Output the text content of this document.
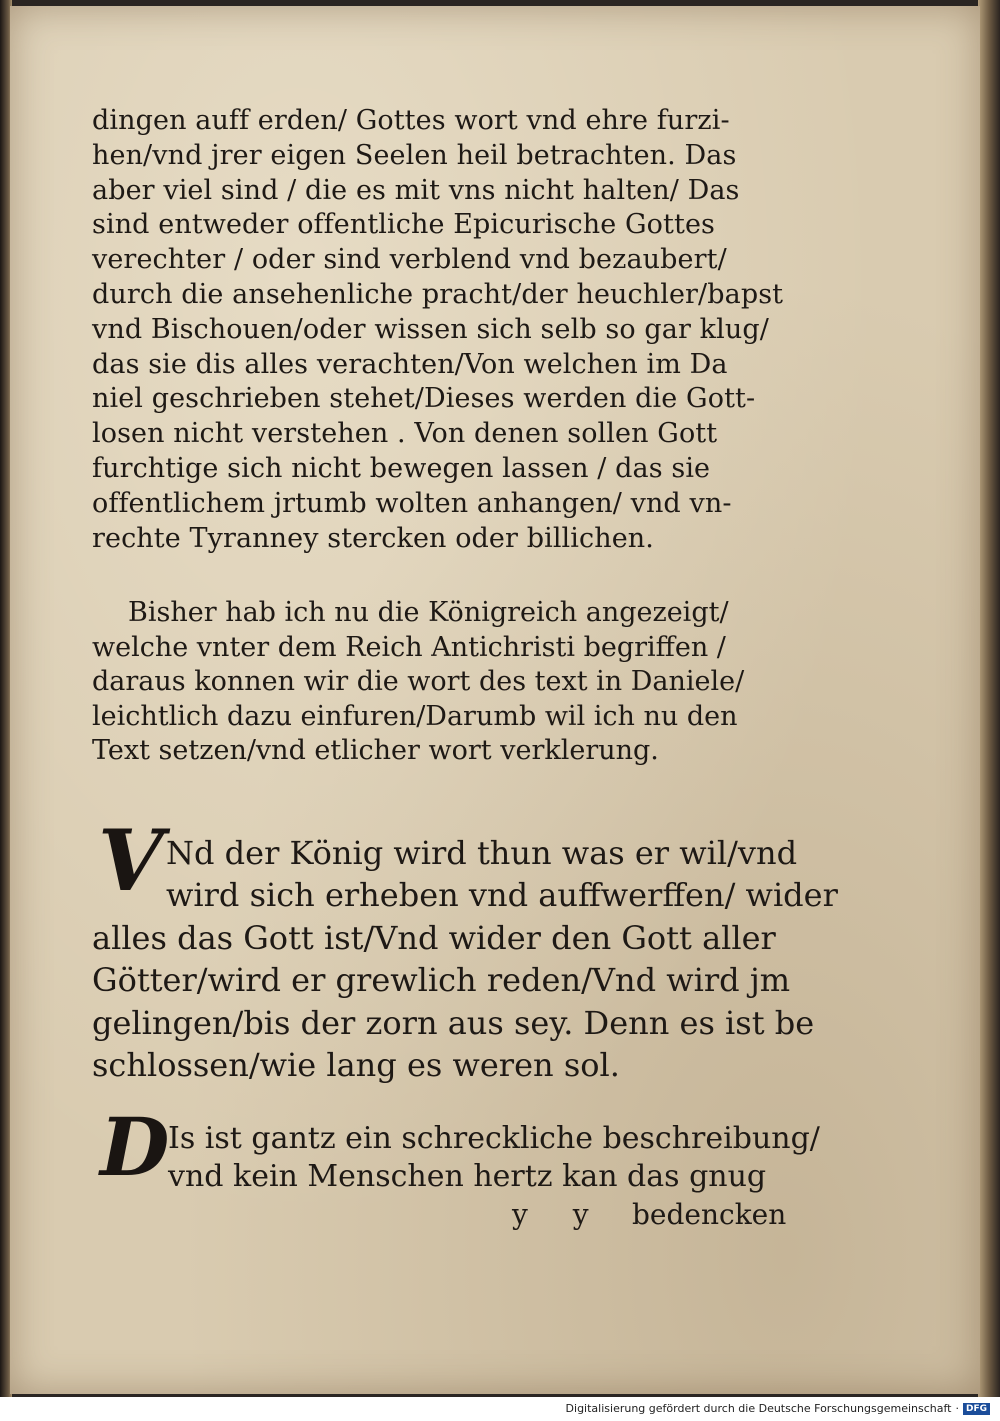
dingen auff erden/ Gottes wort vnd ehre furzi-
hen/vnd jrer eigen Seelen heil betrachten. Das
aber viel sind / die es mit vns nicht halten/ Das
sind entweder offentliche Epicurische Gottes
verechter / oder sind verblend vnd bezaubert/
durch die ansehenliche pracht/der heuchler/bapst
vnd Bischouen/oder wissen sich selb so gar klug/
das sie dis alles verachten/Von welchen im Da
niel geschrieben stehet/Dieses werden die Gott-
losen nicht verstehen . Von denen sollen Gott
furchtige sich nicht bewegen lassen / das sie
offentlichem jrtumb wolten anhangen/ vnd vn-
rechte Tyranney stercken oder billichen.
Bisher hab ich nu die Königreich angezeigt/
welche vnter dem Reich Antichristi begriffen /
daraus konnen wir die wort des text in Daniele/
leichtlich dazu einfuren/Darumb wil ich nu den
Text setzen/vnd etlicher wort verklerung.
V Nd der König wird thun was er wil/vnd
wird sich erheben vnd auffwerffen/ wider
alles das Gott ist/Vnd wider den Gott aller
Götter/wird er grewlich reden/Vnd wird jm
gelingen/bis der zorn aus sey. Denn es ist be
schlossen/wie lang es weren sol.
D
Is ist gantz ein schreckliche beschreibung/
vnd kein Menschen hertz kan das gnug
y y bedencken
Digitalisierung gefördert durch die Deutsche Forschungsgemeinschaft · DFG
